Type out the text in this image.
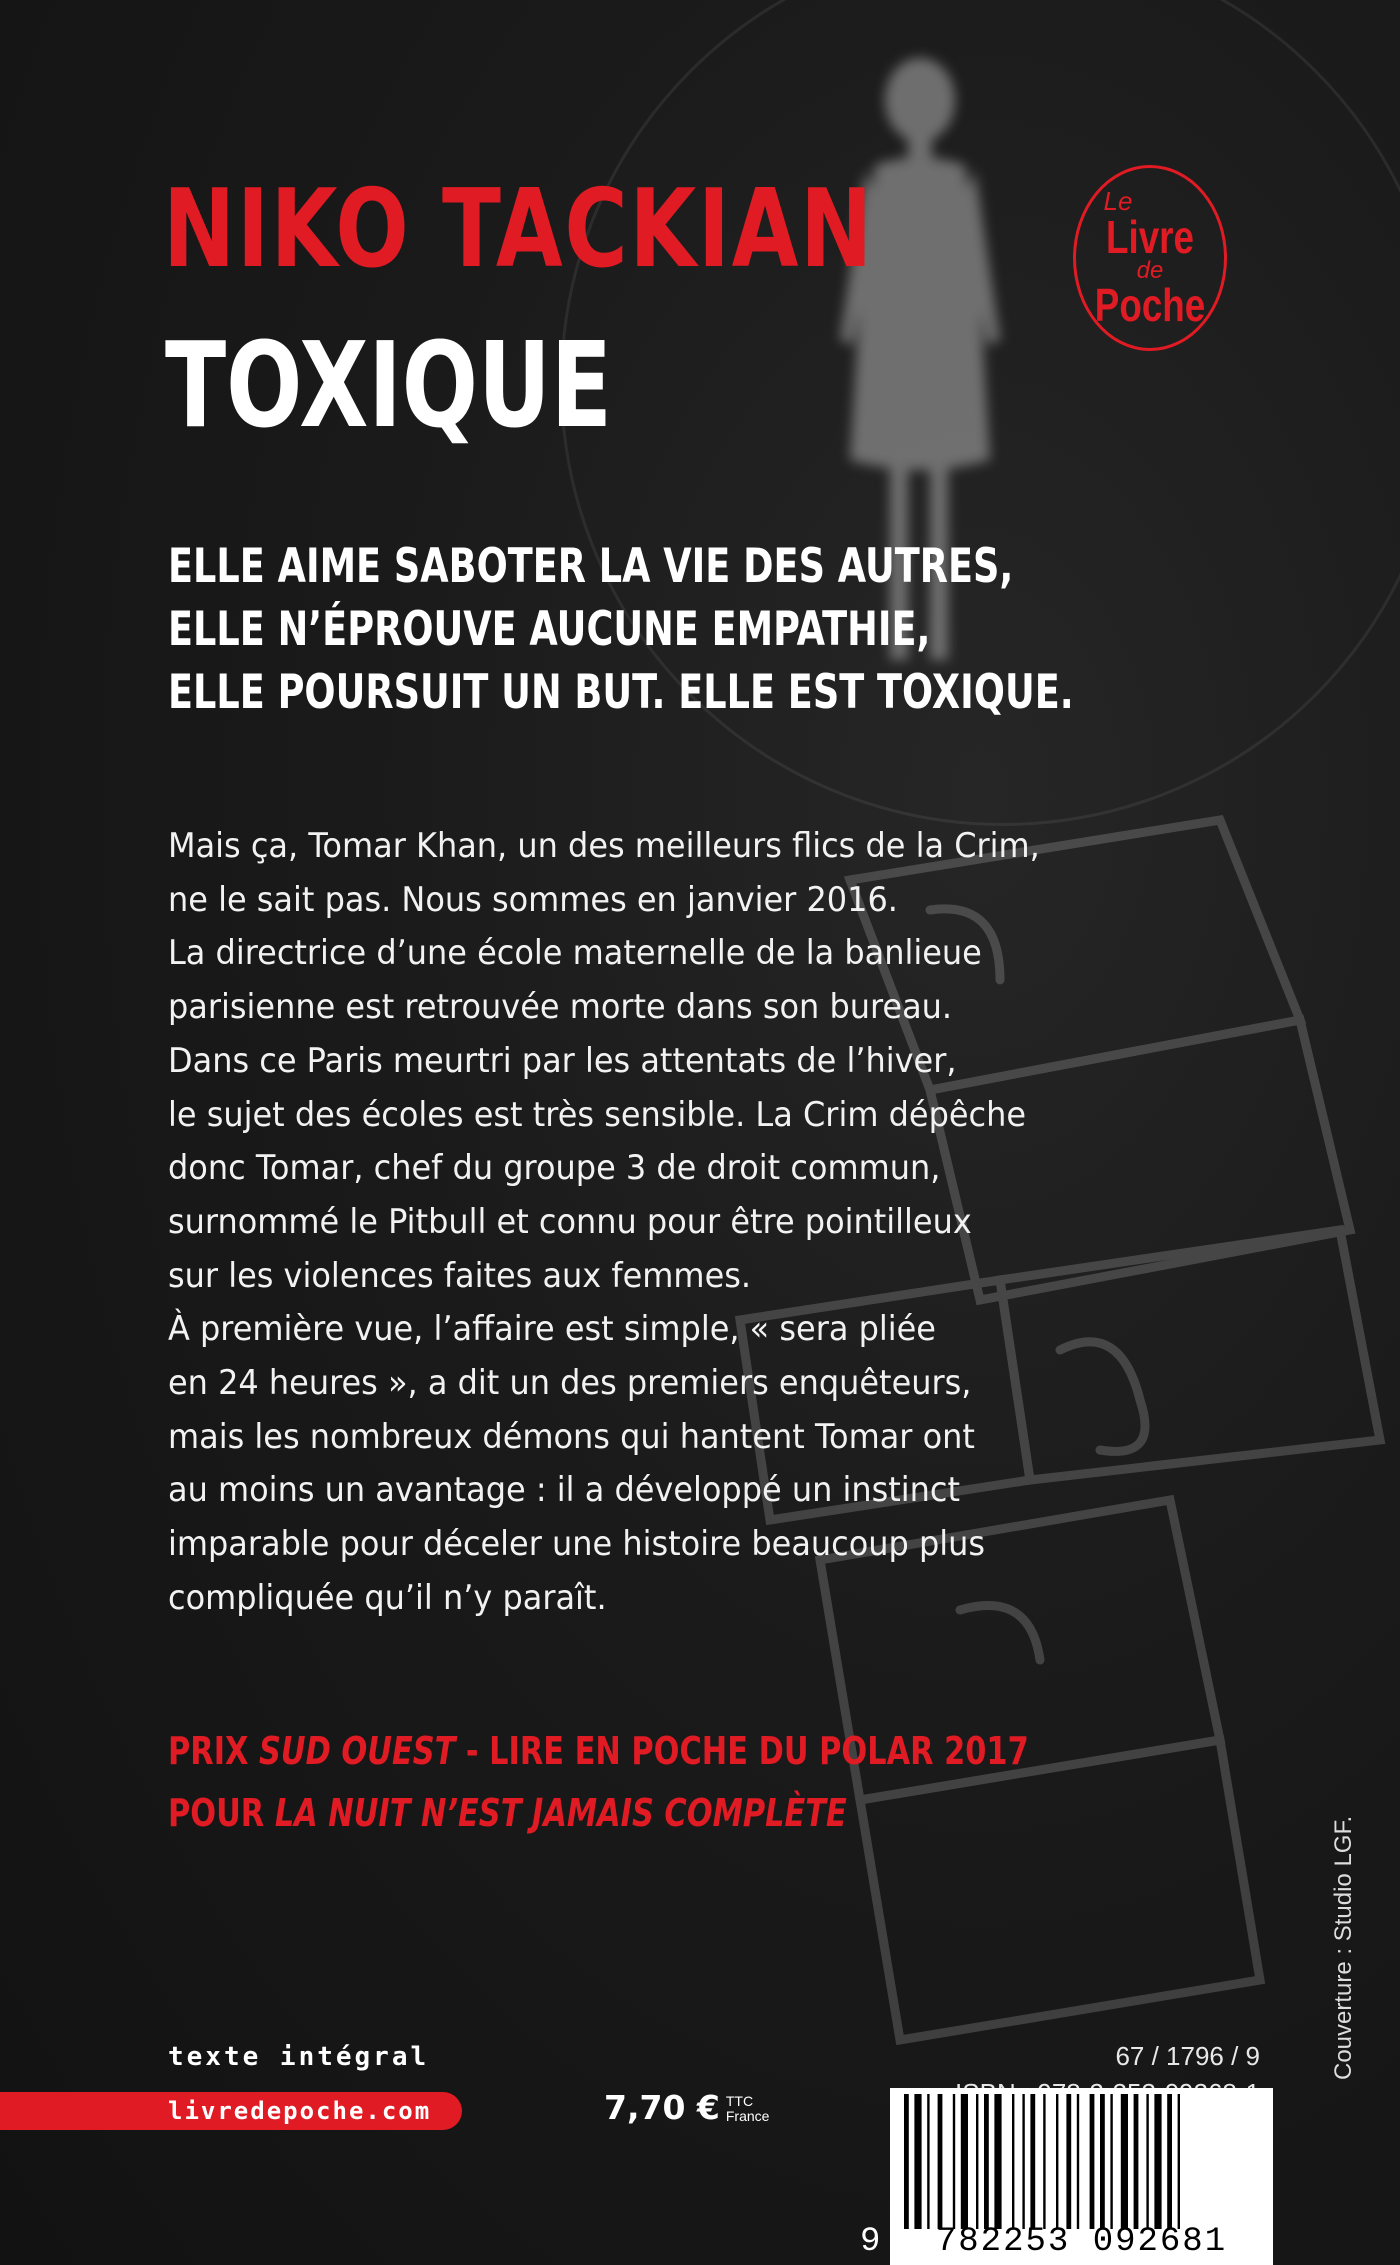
NIKO TACKIAN
TOXIQUE
Le
Livre
de
Poche
ELLE AIME SABOTER LA VIE DES AUTRES,
ELLE N’ÉPROUVE AUCUNE EMPATHIE,
ELLE POURSUIT UN BUT. ELLE EST TOXIQUE.
Mais ça, Tomar Khan, un des meilleurs flics de la Crim,
ne le sait pas. Nous sommes en janvier 2016.
La directrice d’une école maternelle de la banlieue
parisienne est retrouvée morte dans son bureau.
Dans ce Paris meurtri par les attentats de l’hiver,
le sujet des écoles est très sensible. La Crim dépêche
donc Tomar, chef du groupe 3 de droit commun,
surnommé le Pitbull et connu pour être pointilleux
sur les violences faites aux femmes.
À première vue, l’affaire est simple, « sera pliée
en 24 heures », a dit un des premiers enquêteurs,
mais les nombreux démons qui hantent Tomar ont
au moins un avantage : il a développé un instinct
imparable pour déceler une histoire beaucoup plus
compliquée qu’il n’y paraît.
PRIX SUD OUEST - LIRE EN POCHE DU POLAR 2017
POUR LA NUIT N’EST JAMAIS COMPLÈTE
Couverture : Studio LGF.
texte intégral
livredepoche.com	7,70 € TTC
France
67 / 1796 / 9
9 782253 092681
